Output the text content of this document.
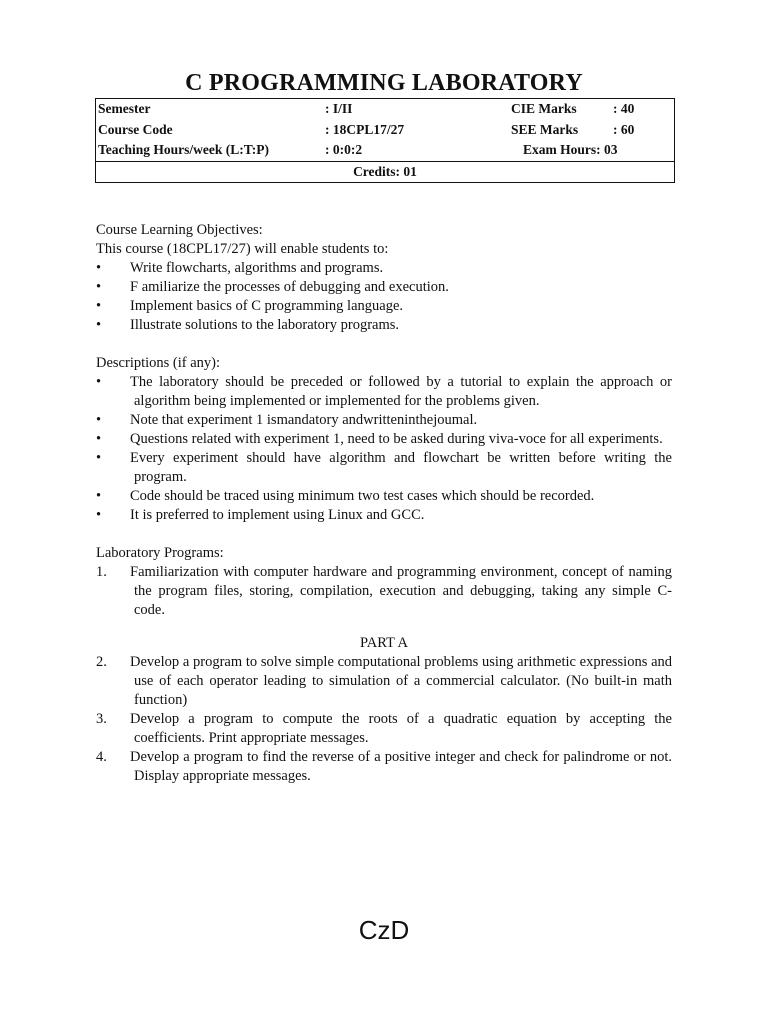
C PROGRAMMING LABORATORY
Semester	: I/II	CIE Marks	: 40
Course Code	: 18CPL17/27	SEE Marks	: 60
Teaching Hours/week (L:T:P)	: 0:0:2	Exam Hours: 03
Credits: 01

Course Learning Objectives:

This course (18CPL17/27) will enable students to:

• Write flowcharts, algorithms and programs.
• F amiliarize the processes of debugging and execution.
• Implement basics of C programming language.
• Illustrate solutions to the laboratory programs.

Descriptions (if any):

• The laboratory should be preceded or followed by a tutorial to explain the approach or algorithm being implemented or implemented for the problems given.
• Note that experiment 1 ismandatory andwritteninthejoumal.
• Questions related with experiment 1, need to be asked during viva-voce for all experiments.
• Every experiment should have algorithm and flowchart be written before writing the program.
• Code should be traced using minimum two test cases which should be recorded.
• It is preferred to implement using Linux and GCC.

Laboratory Programs:

1. Familiarization with computer hardware and programming environment, concept of naming the program files, storing, compilation, execution and debugging, taking any simple C- code.

PART A

2. Develop a program to solve simple computational problems using arithmetic expressions and use of each operator leading to simulation of a commercial calculator. (No built-in math function)
3. Develop a program to compute the roots of a quadratic equation by accepting the coefficients. Print appropriate messages.
4. Develop a program to find the reverse of a positive integer and check for palindrome or not. Display appropriate messages.
CzD
